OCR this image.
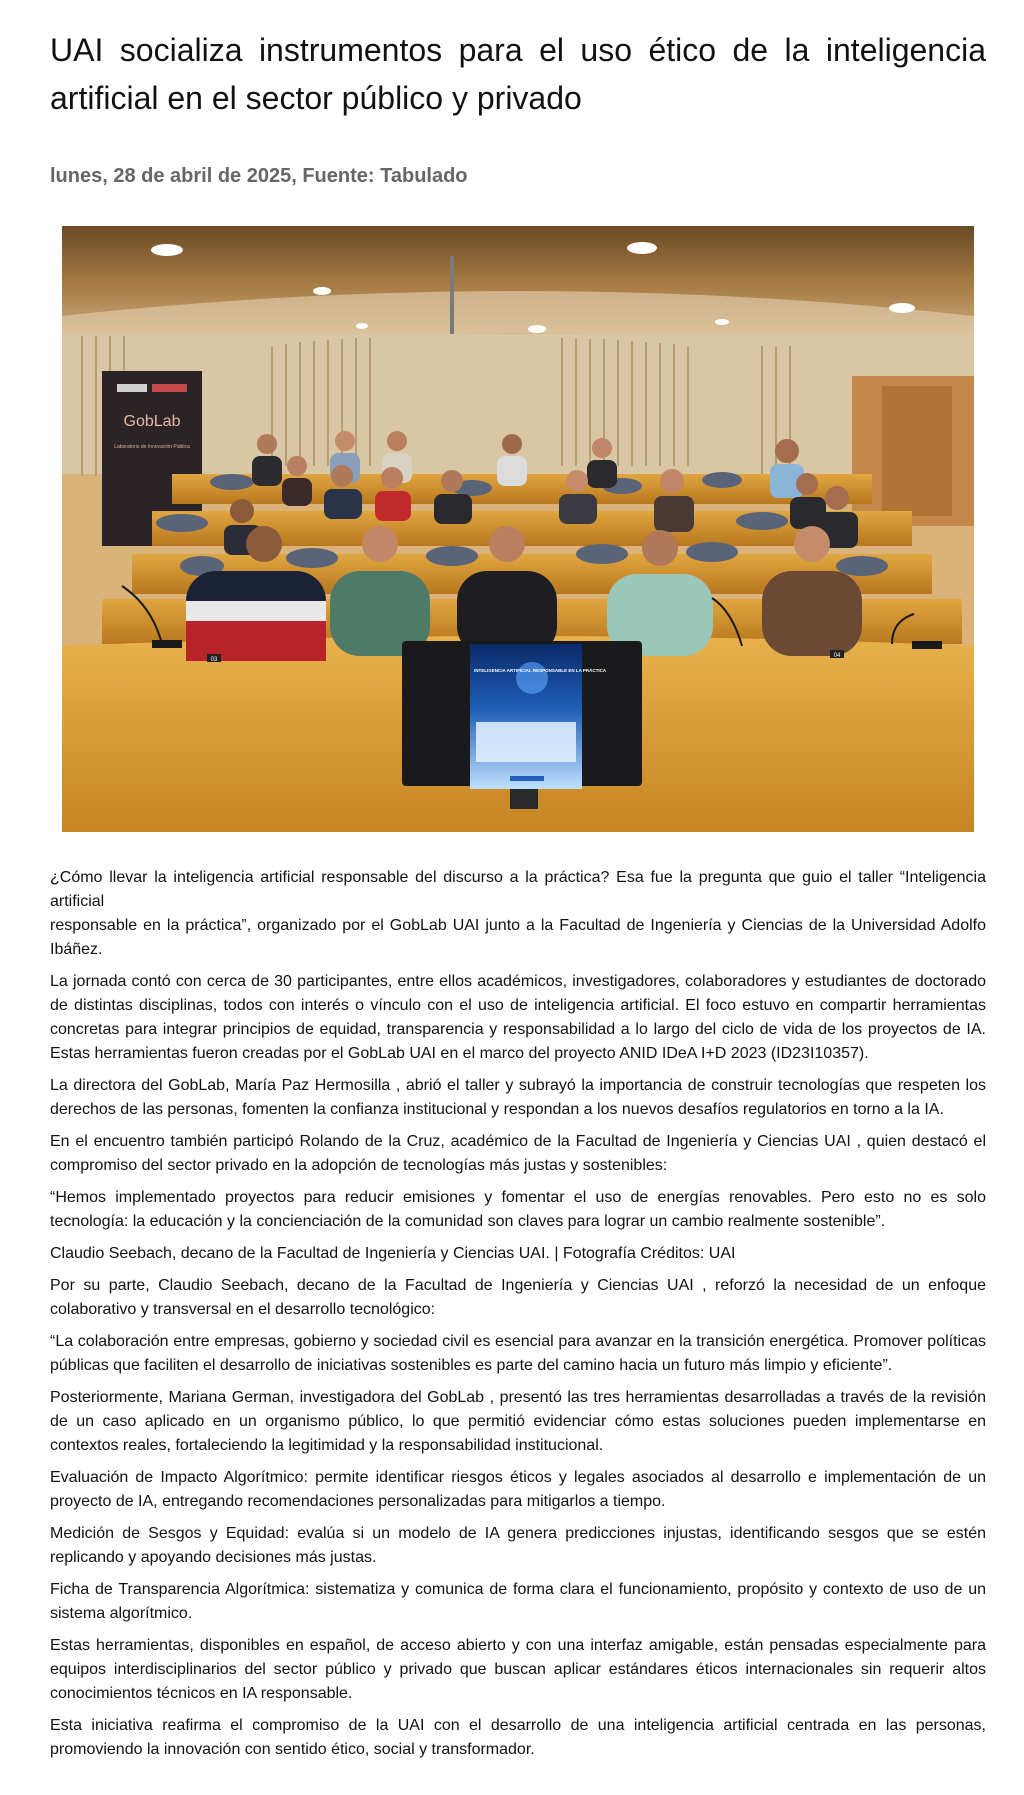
UAI socializa instrumentos para el uso ético de la inteligencia artificial en el sector público y privado
lunes, 28 de abril de 2025, Fuente: Tabulado
GobLab
Laboratorio de Innovación Pública
03
04
INTELIGENCIA ARTIFICIAL RESPONSABLE EN LA PRÁCTICA

¿Cómo llevar la inteligencia artificial responsable del discurso a la práctica? Esa fue la pregunta que guio el taller “Inteligencia artificial

responsable en la práctica”, organizado por el GobLab UAI junto a la Facultad de Ingeniería y Ciencias de la Universidad Adolfo Ibáñez.

La jornada contó con cerca de 30 participantes, entre ellos académicos, investigadores, colaboradores y estudiantes de doctorado de distintas disciplinas, todos con interés o vínculo con el uso de inteligencia artificial. El foco estuvo en compartir herramientas concretas para integrar principios de equidad, transparencia y responsabilidad a lo largo del ciclo de vida de los proyectos de IA. Estas herramientas fueron creadas por el GobLab UAI en el marco del proyecto ANID IDeA I+D 2023 (ID23I10357).

La directora del GobLab, María Paz Hermosilla , abrió el taller y subrayó la importancia de construir tecnologías que respeten los derechos de las personas, fomenten la confianza institucional y respondan a los nuevos desafíos regulatorios en torno a la IA.

En el encuentro también participó Rolando de la Cruz, académico de la Facultad de Ingeniería y Ciencias UAI , quien destacó el compromiso del sector privado en la adopción de tecnologías más justas y sostenibles:

“Hemos implementado proyectos para reducir emisiones y fomentar el uso de energías renovables. Pero esto no es solo tecnología: la educación y la concienciación de la comunidad son claves para lograr un cambio realmente sostenible”.

Claudio Seebach, decano de la Facultad de Ingeniería y Ciencias UAI. | Fotografía Créditos: UAI

Por su parte, Claudio Seebach, decano de la Facultad de Ingeniería y Ciencias UAI , reforzó la necesidad de un enfoque colaborativo y transversal en el desarrollo tecnológico:

“La colaboración entre empresas, gobierno y sociedad civil es esencial para avanzar en la transición energética. Promover políticas públicas que faciliten el desarrollo de iniciativas sostenibles es parte del camino hacia un futuro más limpio y eficiente”.

Posteriormente, Mariana German, investigadora del GobLab , presentó las tres herramientas desarrolladas a través de la revisión de un caso aplicado en un organismo público, lo que permitió evidenciar cómo estas soluciones pueden implementarse en contextos reales, fortaleciendo la legitimidad y la responsabilidad institucional.

Evaluación de Impacto Algorítmico: permite identificar riesgos éticos y legales asociados al desarrollo e implementación de un proyecto de IA, entregando recomendaciones personalizadas para mitigarlos a tiempo.

Medición de Sesgos y Equidad: evalúa si un modelo de IA genera predicciones injustas, identificando sesgos que se estén replicando y apoyando decisiones más justas.

Ficha de Transparencia Algorítmica: sistematiza y comunica de forma clara el funcionamiento, propósito y contexto de uso de un sistema algorítmico.

Estas herramientas, disponibles en español, de acceso abierto y con una interfaz amigable, están pensadas especialmente para equipos interdisciplinarios del sector público y privado que buscan aplicar estándares éticos internacionales sin requerir altos conocimientos técnicos en IA responsable.

Esta iniciativa reafirma el compromiso de la UAI con el desarrollo de una inteligencia artificial centrada en las personas, promoviendo la innovación con sentido ético, social y transformador.
